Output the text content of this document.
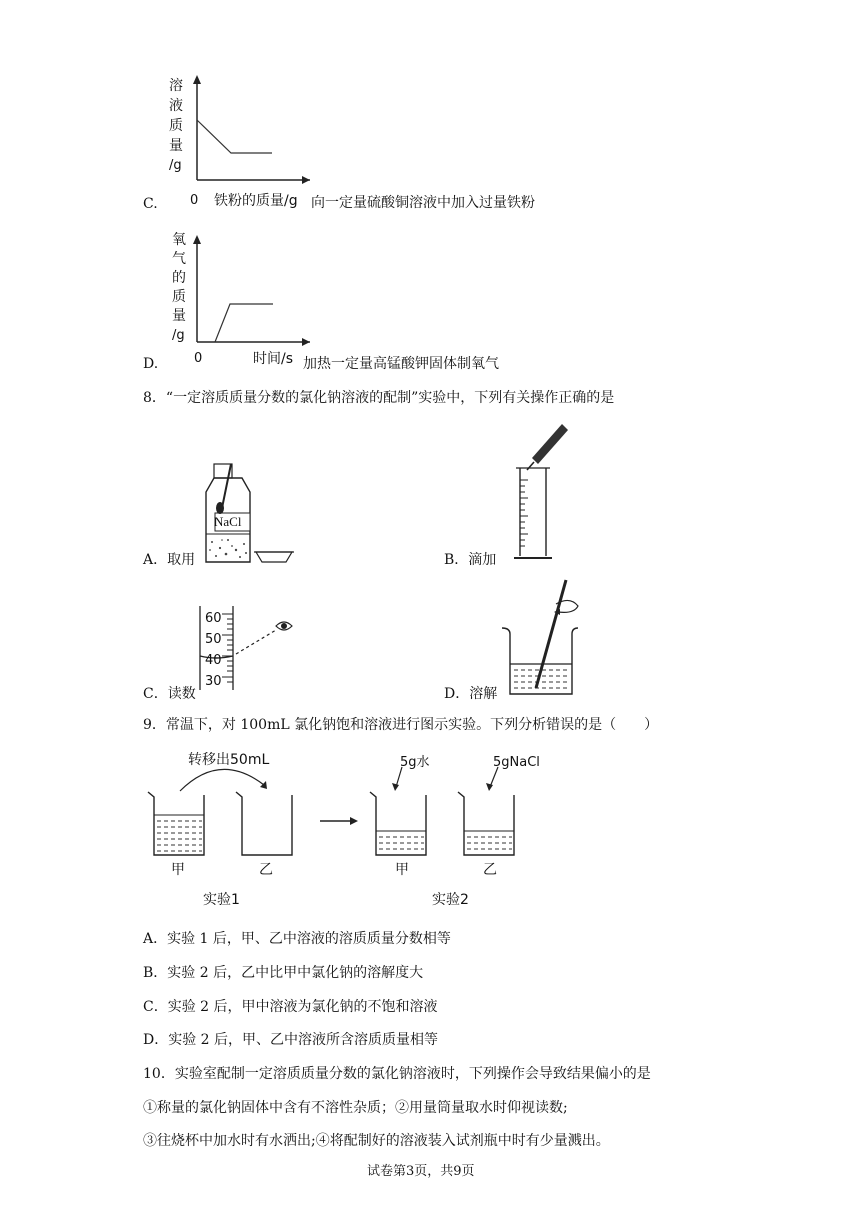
溶
液
质
量
/g
C. 0 铁粉的质量/g 向一定量硫酸铜溶液中加入过量铁粉
氧
气
的
质
量
/g
D.	0	时间/s 加热一定量高锰酸钾固体制氧气
8．“一定溶质质量分数的氯化钠溶液的配制”实验中，下列有关操作正确的是
NaCl
A．取用	B．滴加
60
50
40
30
C．读数	D．溶解
9．常温下，对 100mL 氯化钠饱和溶液进行图示实验。下列分析错误的是（　　）
转移出50mL	5g水	5gNaCl
甲	乙	甲	乙
实验1	实验2
A．实验 1 后，甲、乙中溶液的溶质质量分数相等
B．实验 2 后，乙中比甲中氯化钠的溶解度大
C．实验 2 后，甲中溶液为氯化钠的不饱和溶液
D．实验 2 后，甲、乙中溶液所含溶质质量相等
10．实验室配制一定溶质质量分数的氯化钠溶液时，下列操作会导致结果偏小的是
①称量的氯化钠固体中含有不溶性杂质；②用量筒量取水时仰视读数;
③往烧杯中加水时有水洒出;④将配制好的溶液装入试剂瓶中时有少量溅出。
试卷第3页，共9页
